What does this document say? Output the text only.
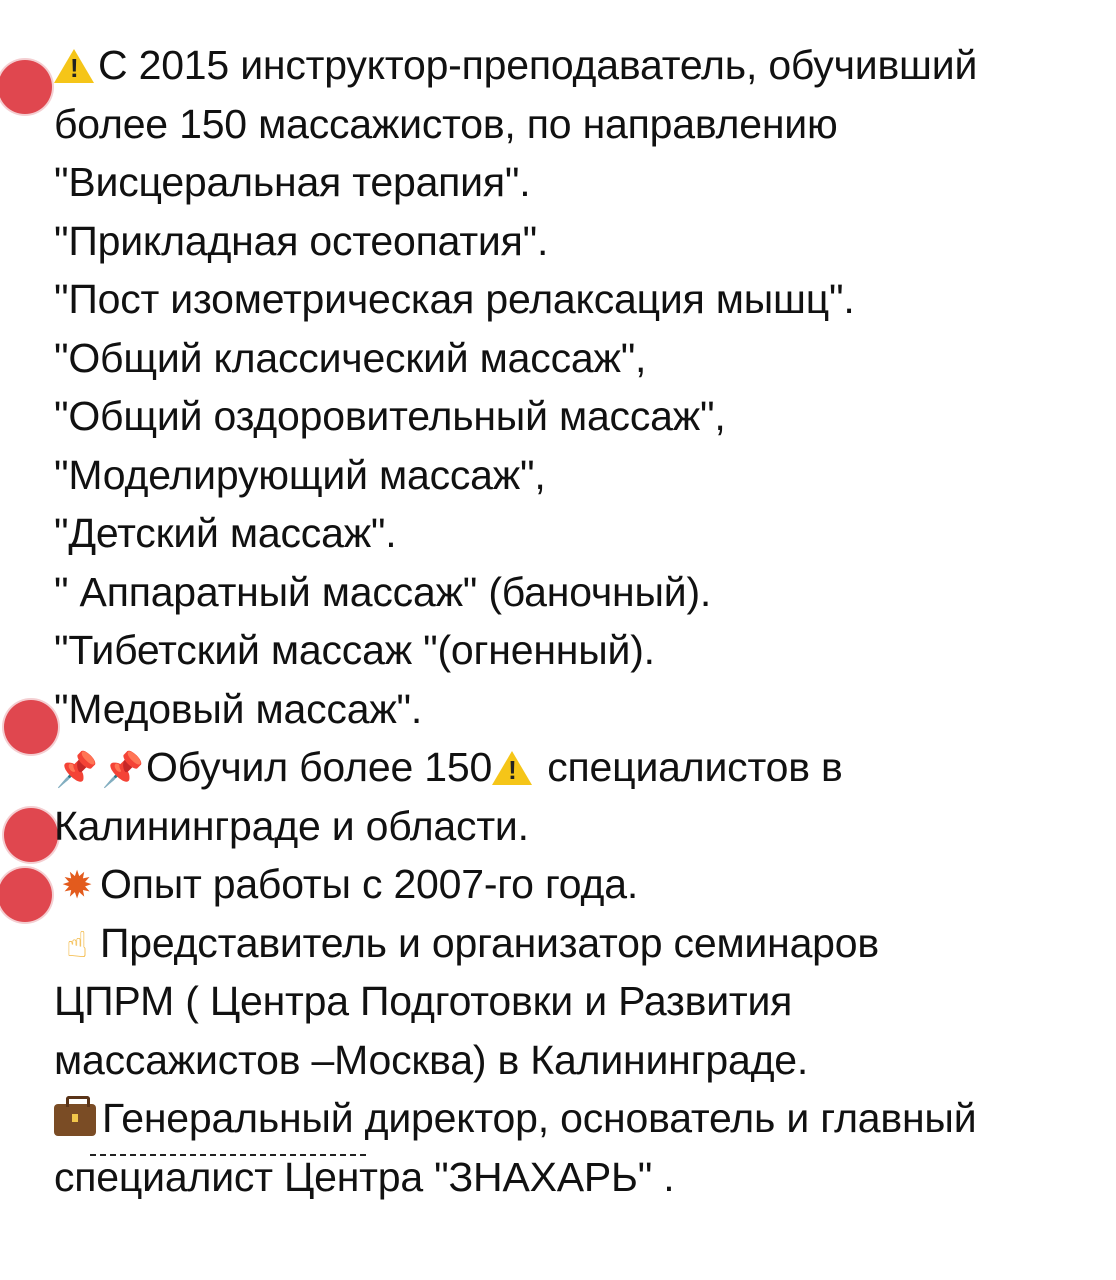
!С 2015 инструктор-преподаватель, обучивший
более 150 массажистов, по направлению
"Висцеральная терапия".
"Прикладная остеопатия".
"Пост изометрическая релаксация мышц".
"Общий классический массаж",
"Общий оздоровительный массаж",
"Моделирующий массаж",
"Детский массаж".
" Аппаратный массаж" (баночный).
"Тибетский массаж "(огненный).
"Медовый массаж".
📌 📌Обучил более 150! специалистов в
Калининграде и области.
✹ Опыт работы с 2007-го года.
☝ Представитель и организатор семинаров
ЦПРМ ( Центра Подготовки и Развития
массажистов –Москва) в Калининграде.
Генеральный директор, основатель и главный
специалист Центра "ЗНАХАРЬ" .
